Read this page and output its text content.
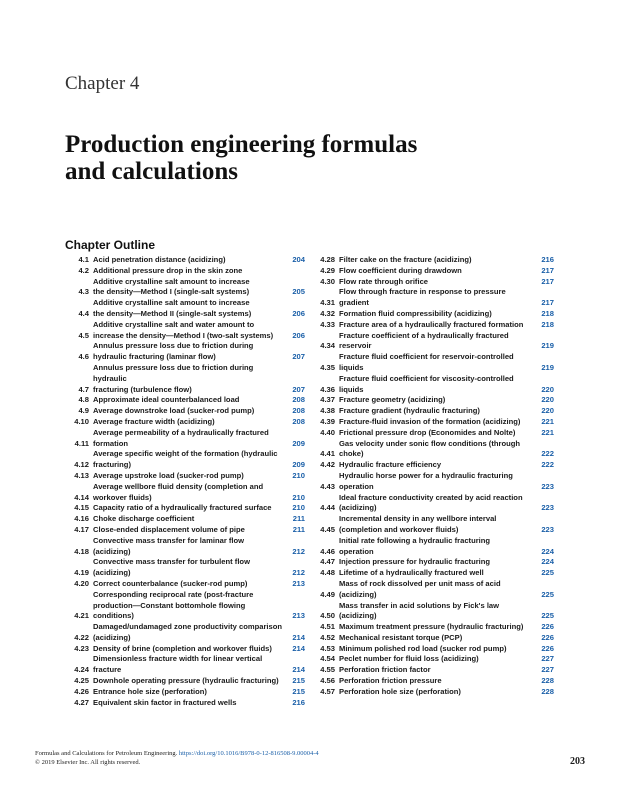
Chapter 4
Production engineering formulas
and calculations
Chapter Outline
4.1 Acid penetration distance (acidizing)	204
4.2 Additional pressure drop in the skin zone
4.3
Additive crystalline salt amount to increase
the density—Method I (single-salt systems)	205
4.4
Additive crystalline salt amount to increase
the density—Method II (single-salt systems)	206
4.5
Additive crystalline salt and water amount to
increase the density—Method I (two-salt systems)	206
4.6
Annulus pressure loss due to friction during
hydraulic fracturing (laminar flow)	207
4.7
Annulus pressure loss due to friction during hydraulic
fracturing (turbulence flow)	207
4.8 Approximate ideal counterbalanced load	208
4.9 Average downstroke load (sucker-rod pump)	208
4.10 Average fracture width (acidizing)	208
4.11
Average permeability of a hydraulically fractured
formation	209
4.12
Average specific weight of the formation (hydraulic
fracturing)	209
4.13 Average upstroke load (sucker-rod pump)	210
4.14
Average wellbore fluid density (completion and
workover fluids)	210
4.15 Capacity ratio of a hydraulically fractured surface	210
4.16 Choke discharge coefficient	211
4.17 Close-ended displacement volume of pipe	211
4.18
Convective mass transfer for laminar flow
(acidizing)	212
4.19
Convective mass transfer for turbulent flow
(acidizing)	212
4.20 Correct counterbalance (sucker-rod pump)	213
4.21
Corresponding reciprocal rate (post-fracture
production—Constant bottomhole flowing
conditions)	213
4.22
Damaged/undamaged zone productivity comparison
(acidizing)	214
4.23 Density of brine (completion and workover fluids)	214
4.24
Dimensionless fracture width for linear vertical
fracture	214
4.25 Downhole operating pressure (hydraulic fracturing)	215
4.26 Entrance hole size (perforation)	215
4.27 Equivalent skin factor in fractured wells	216
4.28 Filter cake on the fracture (acidizing)	216
4.29 Flow coefficient during drawdown	217
4.30 Flow rate through orifice	217
4.31
Flow through fracture in response to pressure
gradient	217
4.32 Formation fluid compressibility (acidizing)	218
4.33 Fracture area of a hydraulically fractured formation	218
4.34
Fracture coefficient of a hydraulically fractured
reservoir	219
4.35
Fracture fluid coefficient for reservoir-controlled
liquids	219
4.36
Fracture fluid coefficient for viscosity-controlled
liquids	220
4.37 Fracture geometry (acidizing)	220
4.38 Fracture gradient (hydraulic fracturing)	220
4.39 Fracture-fluid invasion of the formation (acidizing)	221
4.40 Frictional pressure drop (Economides and Nolte)	221
4.41
Gas velocity under sonic flow conditions (through
choke)	222
4.42 Hydraulic fracture efficiency	222
4.43
Hydraulic horse power for a hydraulic fracturing
operation	223
4.44
Ideal fracture conductivity created by acid reaction
(acidizing)	223
4.45
Incremental density in any wellbore interval
(completion and workover fluids)	223
4.46
Initial rate following a hydraulic fracturing
operation	224
4.47 Injection pressure for hydraulic fracturing	224
4.48 Lifetime of a hydraulically fractured well	225
4.49
Mass of rock dissolved per unit mass of acid
(acidizing)	225
4.50
Mass transfer in acid solutions by Fick's law
(acidizing)	225
4.51 Maximum treatment pressure (hydraulic fracturing)	226
4.52 Mechanical resistant torque (PCP)	226
4.53 Minimum polished rod load (sucker rod pump)	226
4.54 Peclet number for fluid loss (acidizing)	227
4.55 Perforation friction factor	227
4.56 Perforation friction pressure	228
4.57 Perforation hole size (perforation)	228
Formulas and Calculations for Petroleum Engineering. https://doi.org/10.1016/B978-0-12-816508-9.00004-4
© 2019 Elsevier Inc. All rights reserved.	203
